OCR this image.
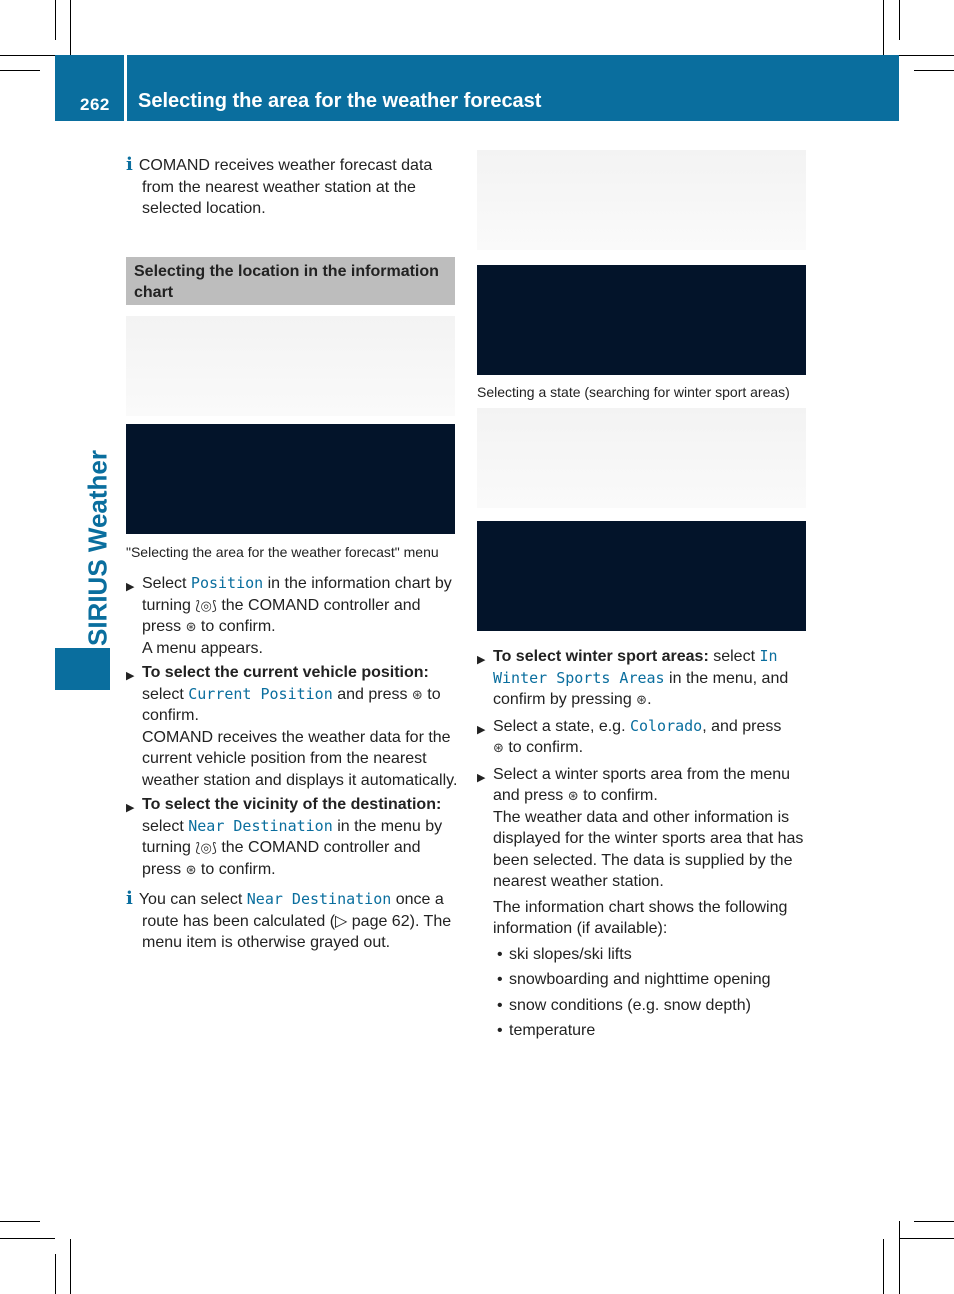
262 Selecting the area for the weather forecast
SIRIUS Weather

i COMAND receives weather forecast data from the nearest weather station at the selected location.

Selecting the location in the information chart
"Selecting the area for the weather forecast" menu
▶ Select Position in the information chart by turning ⟅◎⟆ the COMAND controller and press ⊛ to confirm.
A menu appears.
▶ To select the current vehicle position:
select Current Position and press ⊛ to confirm.
COMAND receives the weather data for the current vehicle position from the nearest weather station and displays it automatically.
▶ To select the vicinity of the destination: select Near Destination in the menu by turning ⟅◎⟆ the COMAND controller and press ⊛ to confirm.
i You can select Near Destination once a route has been calculated (▷ page 62). The menu item is otherwise grayed out.
Selecting a state (searching for winter sport areas)
▶ To select winter sport areas: select In Winter Sports Areas in the menu, and confirm by pressing ⊛.
▶ Select a state, e.g. Colorado, and press
⊛ to confirm.
▶ Select a winter sports area from the menu and press ⊛ to confirm.
The weather data and other information is displayed for the winter sports area that has been selected. The data is supplied by the nearest weather station.
The information chart shows the following information (if available):
• ski slopes/ski lifts
• snowboarding and nighttime opening
• snow conditions (e.g. snow depth)
• temperature
